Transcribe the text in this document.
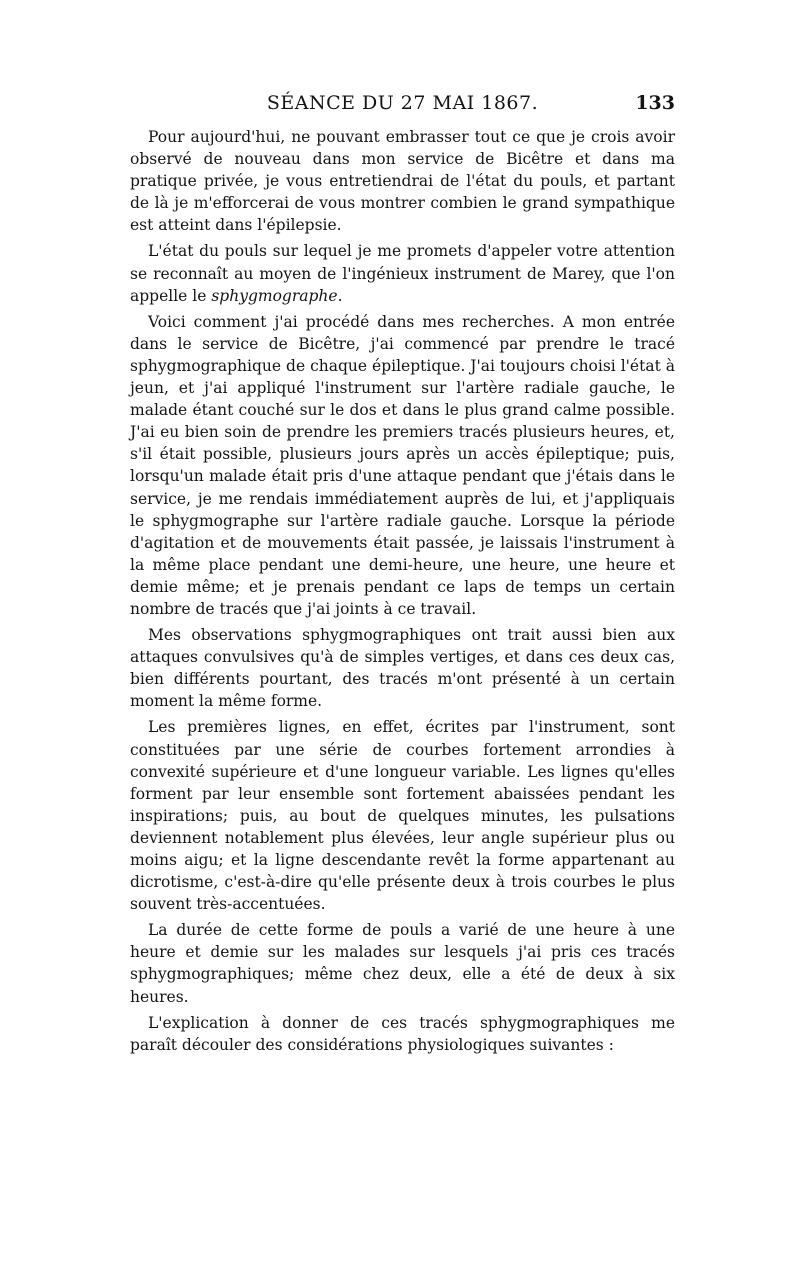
SÉANCE DU 27 MAI 1867.	133

Pour aujourd'hui, ne pouvant embrasser tout ce que je crois avoir observé de nouveau dans mon service de Bicêtre et dans ma pratique privée, je vous entretiendrai de l'état du pouls, et partant de là je m'efforcerai de vous montrer combien le grand sympathique est atteint dans l'épilepsie.

L'état du pouls sur lequel je me promets d'appeler votre attention se reconnaît au moyen de l'ingénieux instrument de Marey, que l'on appelle le sphygmographe.

Voici comment j'ai procédé dans mes recherches. A mon entrée dans le service de Bicêtre, j'ai commencé par prendre le tracé sphygmographique de chaque épileptique. J'ai toujours choisi l'état à jeun, et j'ai appliqué l'instrument sur l'artère radiale gauche, le malade étant couché sur le dos et dans le plus grand calme possible. J'ai eu bien soin de prendre les premiers tracés plusieurs heures, et, s'il était possible, plusieurs jours après un accès épileptique; puis, lorsqu'un malade était pris d'une attaque pendant que j'étais dans le service, je me rendais immédiatement auprès de lui, et j'appliquais le sphygmographe sur l'artère radiale gauche. Lorsque la période d'agitation et de mouvements était passée, je laissais l'instrument à la même place pendant une demi-heure, une heure, une heure et demie même; et je prenais pendant ce laps de temps un certain nombre de tracés que j'ai joints à ce travail.

Mes observations sphygmographiques ont trait aussi bien aux attaques convulsives qu'à de simples vertiges, et dans ces deux cas, bien différents pourtant, des tracés m'ont présenté à un certain moment la même forme.

Les premières lignes, en effet, écrites par l'instrument, sont constituées par une série de courbes fortement arrondies à convexité supérieure et d'une longueur variable. Les lignes qu'elles forment par leur ensemble sont fortement abaissées pendant les inspirations; puis, au bout de quelques minutes, les pulsations deviennent notablement plus élevées, leur angle supérieur plus ou moins aigu; et la ligne descendante revêt la forme appartenant au dicrotisme, c'est-à-dire qu'elle présente deux à trois courbes le plus souvent très-accentuées.

La durée de cette forme de pouls a varié de une heure à une heure et demie sur les malades sur lesquels j'ai pris ces tracés sphygmographiques; même chez deux, elle a été de deux à six heures.

L'explication à donner de ces tracés sphygmographiques me paraît découler des considérations physiologiques suivantes :
